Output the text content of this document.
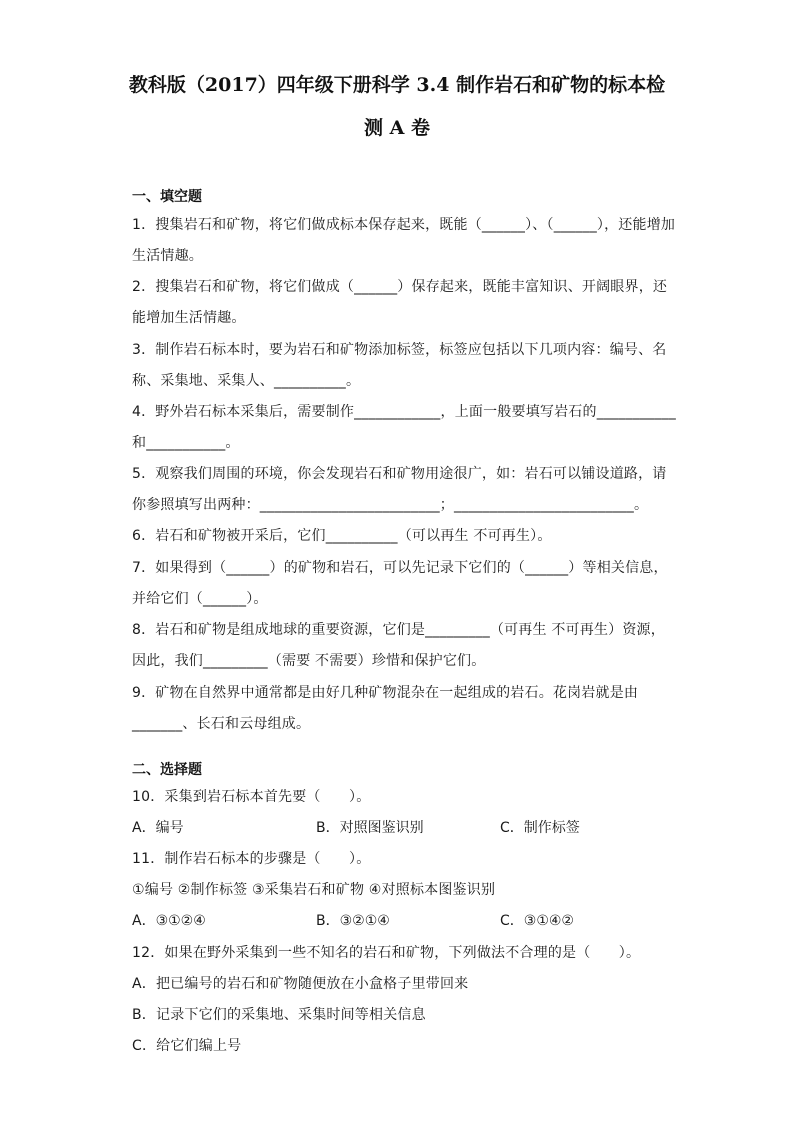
教科版（2017）四年级下册科学 3.4 制作岩石和矿物的标本检
测 A 卷
一、填空题
1．搜集岩石和矿物，将它们做成标本保存起来，既能（______）、（______），还能增加
生活情趣。
2．搜集岩石和矿物，将它们做成（______）保存起来，既能丰富知识、开阔眼界，还
能增加生活情趣。
3．制作岩石标本时，要为岩石和矿物添加标签，标签应包括以下几项内容：编号、名
称、采集地、采集人、__________。
4．野外岩石标本采集后，需要制作____________，上面一般要填写岩石的___________
和___________。
5．观察我们周围的环境，你会发现岩石和矿物用途很广，如：岩石可以铺设道路，请
你参照填写出两种：_________________________；_________________________。
6．岩石和矿物被开采后，它们__________（可以再生 不可再生）。
7．如果得到（______）的矿物和岩石，可以先记录下它们的（______）等相关信息，
并给它们（______）。
8．岩石和矿物是组成地球的重要资源，它们是_________（可再生 不可再生）资源，
因此，我们_________（需要 不需要）珍惜和保护它们。
9．矿物在自然界中通常都是由好几种矿物混杂在一起组成的岩石。花岗岩就是由
_______、长石和云母组成。
二、选择题
10．采集到岩石标本首先要（　　）。
A．编号	B．对照图鉴识别	C．制作标签
11．制作岩石标本的步骤是（　　）。
①编号 ②制作标签 ③采集岩石和矿物 ④对照标本图鉴识别
A．③①②④	B．③②①④	C．③①④②
12．如果在野外采集到一些不知名的岩石和矿物，下列做法不合理的是（　　）。
A．把已编号的岩石和矿物随便放在小盒格子里带回来
B．记录下它们的采集地、采集时间等相关信息
C．给它们编上号
